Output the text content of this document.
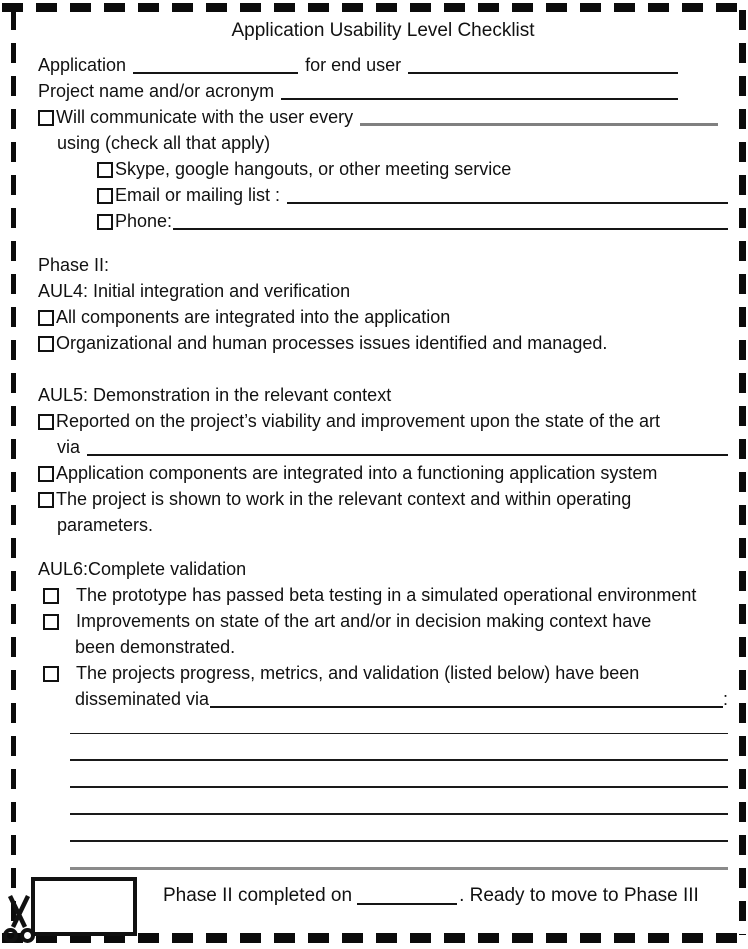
Application Usability Level Checklist
Application	for end user
Project name and/or acronym
Will communicate with the user every
using (check all that apply)
Skype, google hangouts, or other meeting service
Email or mailing list :
Phone:
Phase II:
AUL4: Initial integration and verification
All components are integrated into the application
Organizational and human processes issues identified and managed.
AUL5: Demonstration in the relevant context
Reported on the project’s viability and improvement upon the state of the art
via
Application components are integrated into a functioning application system
The project is shown to work in the relevant context and within operating
parameters.
AUL6:Complete validation
The prototype has passed beta testing in a simulated operational environment
Improvements on state of the art and/or in decision making context have
been demonstrated.
The projects progress, metrics, and validation (listed below) have been
disseminated via	:
Phase II completed on	. Ready to move to Phase III
